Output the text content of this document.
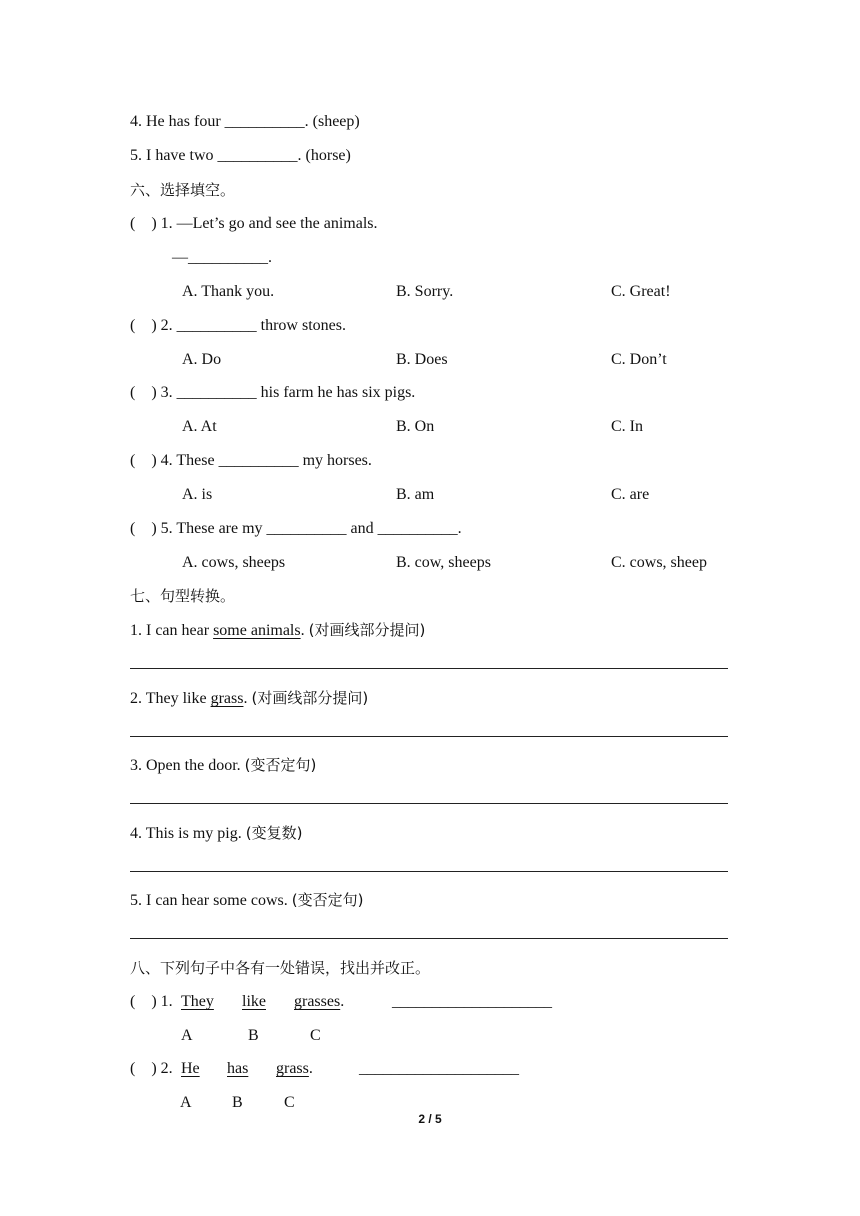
4. He has four __________. (sheep)
5. I have two __________. (horse)
六、选择填空。
(    ) 1. —Let’s go and see the animals.
—__________.
A. Thank you.	B. Sorry.	C. Great!
(    ) 2. __________ throw stones.
A. Do	B. Does	C. Don’t
(    ) 3. __________ his farm he has six pigs.
A. At	B. On	C. In
(    ) 4. These __________ my horses.
A. is	B. am	C. are
(    ) 5. These are my __________ and __________.
A. cows, sheeps	B. cow, sheeps	C. cows, sheep
七、句型转换。
1. I can hear some animals. (对画线部分提问)
2. They like grass. (对画线部分提问)
3. Open the door. (变否定句)
4. This is my pig. (变复数)
5. I can hear some cows. (变否定句)
八、下列句子中各有一处错误，找出并改正。
(    ) 1. They like grasses.	____________________
A	B	C
(    ) 2. He has grass.	____________________
A	B	C
2 / 5
